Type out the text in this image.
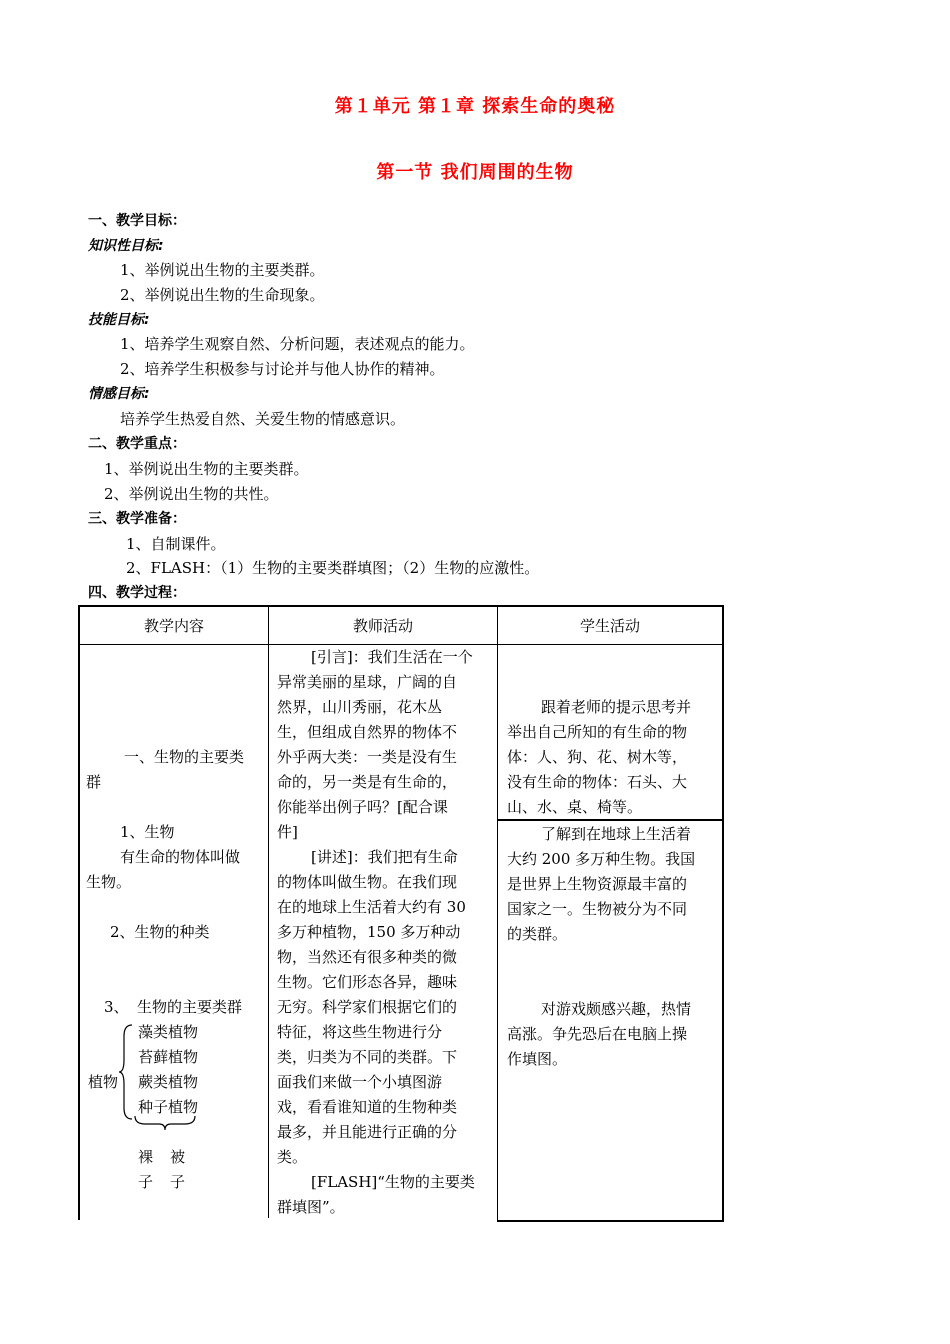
第１单元 第１章 探索生命的奥秘
第一节 我们周围的生物
一、教学目标：
知识性目标:
1、举例说出生物的主要类群。
2、举例说出生物的生命现象。
技能目标:
1、培养学生观察自然、分析问题，表述观点的能力。
2、培养学生积极参与讨论并与他人协作的精神。
情感目标:
培养学生热爱自然、关爱生物的情感意识。
二、教学重点：
1、举例说出生物的主要类群。
2、举例说出生物的共性。
三、教学准备：
1、自制课件。
2、FLASH：（1）生物的主要类群填图；（2）生物的应激性。
四、教学过程：
教学内容	教师活动	学生活动
一、生物的主要类
群
1、生物
有生命的物体叫做
生物。
2、生物的种类
3、 生物的主要类群
植物
藻类植物
苔藓植物
蕨类植物
种子植物
裸
子
被
子
[引言]：我们生活在一个
异常美丽的星球，广阔的自
然界，山川秀丽，花木丛
生，但组成自然界的物体不
外乎两大类：一类是没有生
命的，另一类是有生命的，
你能举出例子吗？[配合课
件]
[讲述]：我们把有生命
的物体叫做生物。在我们现
在的地球上生活着大约有 30
多万种植物，150 多万种动
物，当然还有很多种类的微
生物。它们形态各异，趣味
无穷。科学家们根据它们的
特征，将这些生物进行分
类，归类为不同的类群。下
面我们来做一个小填图游
戏，看看谁知道的生物种类
最多，并且能进行正确的分
类。
[FLASH]“生物的主要类
群填图”。
跟着老师的提示思考并
举出自己所知的有生命的物
体：人、狗、花、树木等，
没有生命的物体：石头、大
山、水、桌、椅等。
了解到在地球上生活着
大约 200 多万种生物。我国
是世界上生物资源最丰富的
国家之一。生物被分为不同
的类群。
对游戏颇感兴趣，热情
高涨。争先恐后在电脑上操
作填图。
